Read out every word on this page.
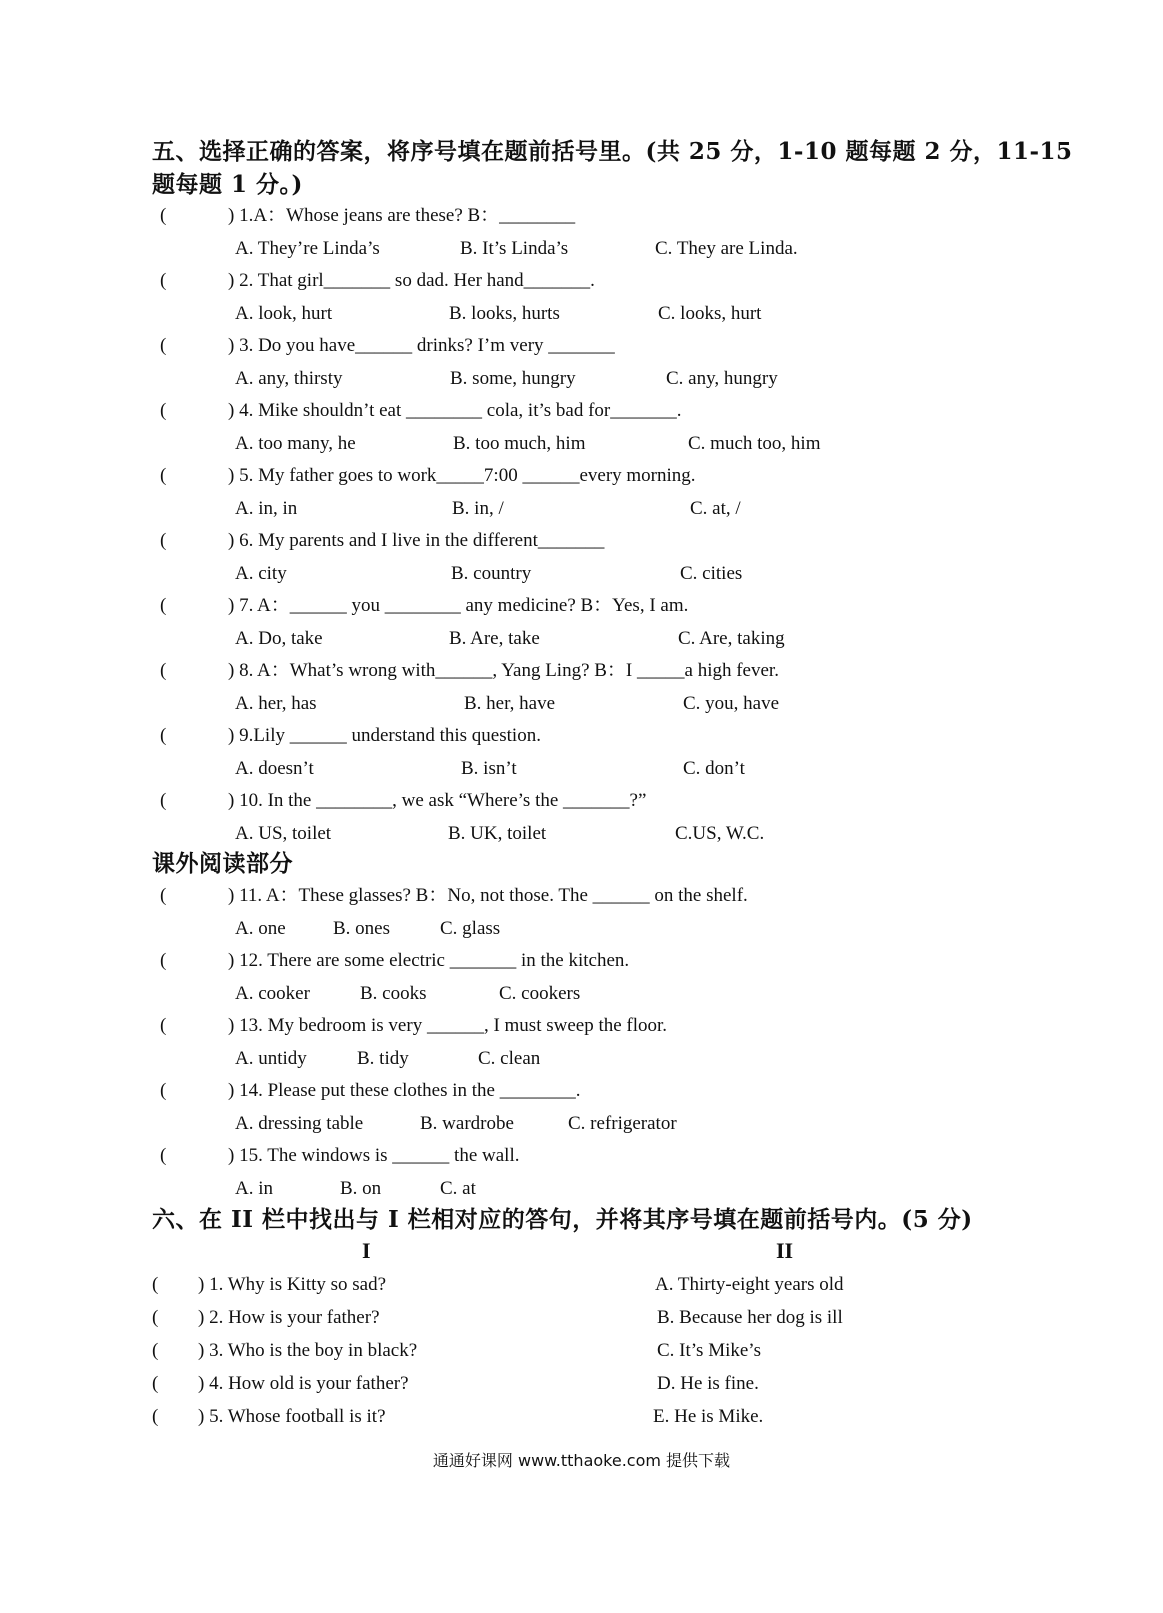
五、选择正确的答案，将序号填在题前括号里。(共 25 分，1-10 题每题 2 分，11-15
题每题 1 分。)
(	) 1.A：Whose jeans are these? B：________
A. They’re Linda’s	B. It’s Linda’s	C. They are Linda.
(	) 2. That girl_______ so dad. Her hand_______.
A. look, hurt	B. looks, hurts	C. looks, hurt
(	) 3. Do you have______ drinks? I’m very _______
A. any, thirsty	B. some, hungry	C. any, hungry
(	) 4. Mike shouldn’t eat ________ cola, it’s bad for_______.
A. too many, he	B. too much, him	C. much too, him
(	) 5. My father goes to work_____7:00 ______every morning.
A. in, in	B. in, /	C. at, /
(	) 6. My parents and I live in the different_______
A. city	B. country	C. cities
(	) 7. A：______ you ________ any medicine? B：Yes, I am.
A. Do, take	B. Are, take	C. Are, taking
(	) 8. A：What’s wrong with______, Yang Ling? B：I _____a high fever.
A. her, has	B. her, have	C. you, have
(	) 9.Lily ______ understand this question.
A. doesn’t	B. isn’t	C. don’t
(	) 10. In the ________, we ask “Where’s the _______?”
A. US, toilet	B. UK, toilet	C.US, W.C.
课外阅读部分
(	) 11. A：These glasses? B：No, not those. The ______ on the shelf.
A. one B. ones	C. glass
(	) 12. There are some electric _______ in the kitchen.
A. cooker	B. cooks	C. cookers
(	) 13. My bedroom is very ______, I must sweep the floor.
A. untidy	B. tidy	C. clean
(	) 14. Please put these clothes in the ________.
A. dressing table	B. wardrobe	C. refrigerator
(	) 15. The windows is ______ the wall.
A. in	B. on	C. at
六、在 II 栏中找出与 I 栏相对应的答句，并将其序号填在题前括号内。(5 分)
I	II
( ) 1. Why is Kitty so sad?	A. Thirty-eight years old
( ) 2. How is your father?	B. Because her dog is ill
( ) 3. Who is the boy in black?	C. It’s Mike’s
( ) 4. How old is your father?	D. He is fine.
( ) 5. Whose football is it?	E. He is Mike.
通通好课网 www.tthaoke.com 提供下载
